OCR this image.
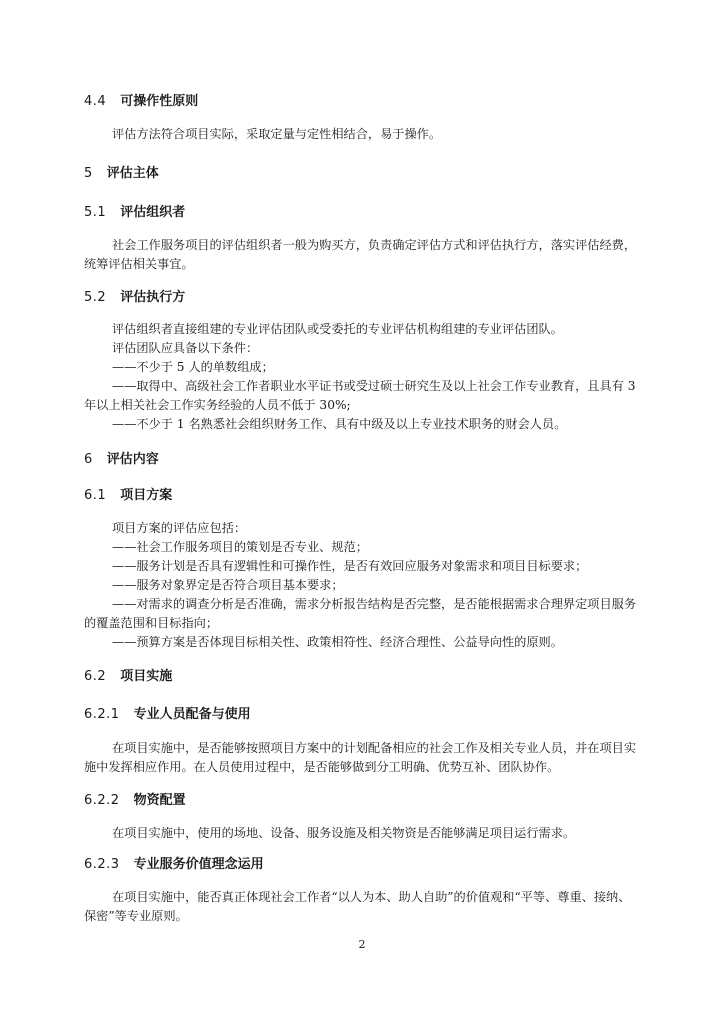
4.4 可操作性原则
评估方法符合项目实际，采取定量与定性相结合，易于操作。
5 评估主体
5.1 评估组织者
社会工作服务项目的评估组织者一般为购买方，负责确定评估方式和评估执行方，落实评估经费，
统筹评估相关事宜。
5.2 评估执行方
评估组织者直接组建的专业评估团队或受委托的专业评估机构组建的专业评估团队。
评估团队应具备以下条件：
——不少于 5 人的单数组成；
——取得中、高级社会工作者职业水平证书或受过硕士研究生及以上社会工作专业教育，且具有 3
年以上相关社会工作实务经验的人员不低于 30%;
——不少于 1 名熟悉社会组织财务工作、具有中级及以上专业技术职务的财会人员。
6 评估内容
6.1 项目方案
项目方案的评估应包括：
——社会工作服务项目的策划是否专业、规范；
——服务计划是否具有逻辑性和可操作性，是否有效回应服务对象需求和项目目标要求；
——服务对象界定是否符合项目基本要求；
——对需求的调查分析是否准确，需求分析报告结构是否完整，是否能根据需求合理界定项目服务
的覆盖范围和目标指向；
——预算方案是否体现目标相关性、政策相符性、经济合理性、公益导向性的原则。
6.2 项目实施
6.2.1 专业人员配备与使用
在项目实施中，是否能够按照项目方案中的计划配备相应的社会工作及相关专业人员，并在项目实
施中发挥相应作用。在人员使用过程中，是否能够做到分工明确、优势互补、团队协作。
6.2.2 物资配置
在项目实施中，使用的场地、设备、服务设施及相关物资是否能够满足项目运行需求。
6.2.3 专业服务价值理念运用
在项目实施中，能否真正体现社会工作者“以人为本、助人自助”的价值观和“平等、尊重、接纳、
保密”等专业原则。
2
